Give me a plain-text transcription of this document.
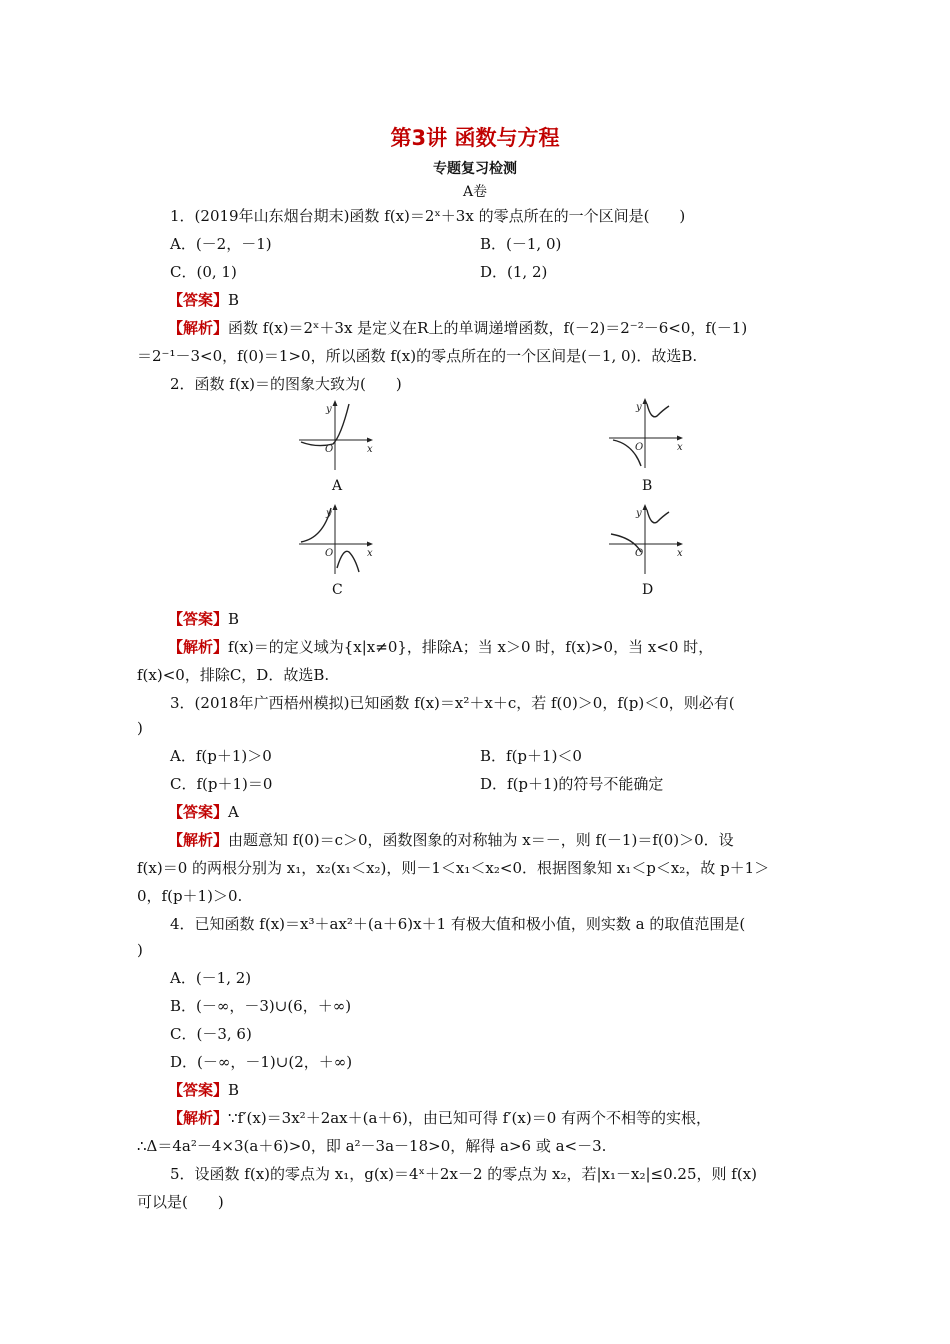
第3讲 函数与方程
专题复习检测
A卷
1．(2019年山东烟台期末)函数 f(x)＝2ˣ＋3x 的零点所在的一个区间是(　　)
A．(－2，－1)	B．(－1, 0)
C．(0, 1)	D．(1, 2)
【答案】B
【解析】函数 f(x)＝2ˣ＋3x 是定义在R上的单调递增函数，f(－2)＝2⁻²－6<0，f(－1)
＝2⁻¹－3<0，f(0)＝1>0，所以函数 f(x)的零点所在的一个区间是(－1, 0)．故选B.
2．函数 f(x)＝的图象大致为(　　)
y
x
O
A
y
x
O
B
y
x
O
C
y
x
O
D
【答案】B
【解析】f(x)＝的定义域为{x|x≠0}，排除A；当 x＞0 时，f(x)>0，当 x<0 时，
f(x)<0，排除C，D．故选B.
3．(2018年广西梧州模拟)已知函数 f(x)＝x²＋x＋c，若 f(0)＞0，f(p)＜0，则必有(
)
A．f(p＋1)＞0	B．f(p＋1)＜0
C．f(p＋1)＝0	D．f(p＋1)的符号不能确定
【答案】A
【解析】由题意知 f(0)＝c＞0，函数图象的对称轴为 x＝－，则 f(－1)＝f(0)＞0．设
f(x)＝0 的两根分别为 x₁，x₂(x₁＜x₂)，则－1＜x₁＜x₂<0．根据图象知 x₁＜p＜x₂，故 p＋1＞
0，f(p＋1)＞0.
4．已知函数 f(x)＝x³＋ax²＋(a＋6)x＋1 有极大值和极小值，则实数 a 的取值范围是(
)
A．(－1, 2)
B．(－∞，－3)∪(6，＋∞)
C．(－3, 6)
D．(－∞，－1)∪(2，＋∞)
【答案】B
【解析】∵f′(x)＝3x²＋2ax＋(a＋6)，由已知可得 f′(x)＝0 有两个不相等的实根，
∴Δ＝4a²－4×3(a＋6)>0，即 a²－3a－18>0，解得 a>6 或 a<－3.
5．设函数 f(x)的零点为 x₁，g(x)＝4ˣ＋2x－2 的零点为 x₂，若|x₁－x₂|≤0.25，则 f(x)
可以是(　　)
